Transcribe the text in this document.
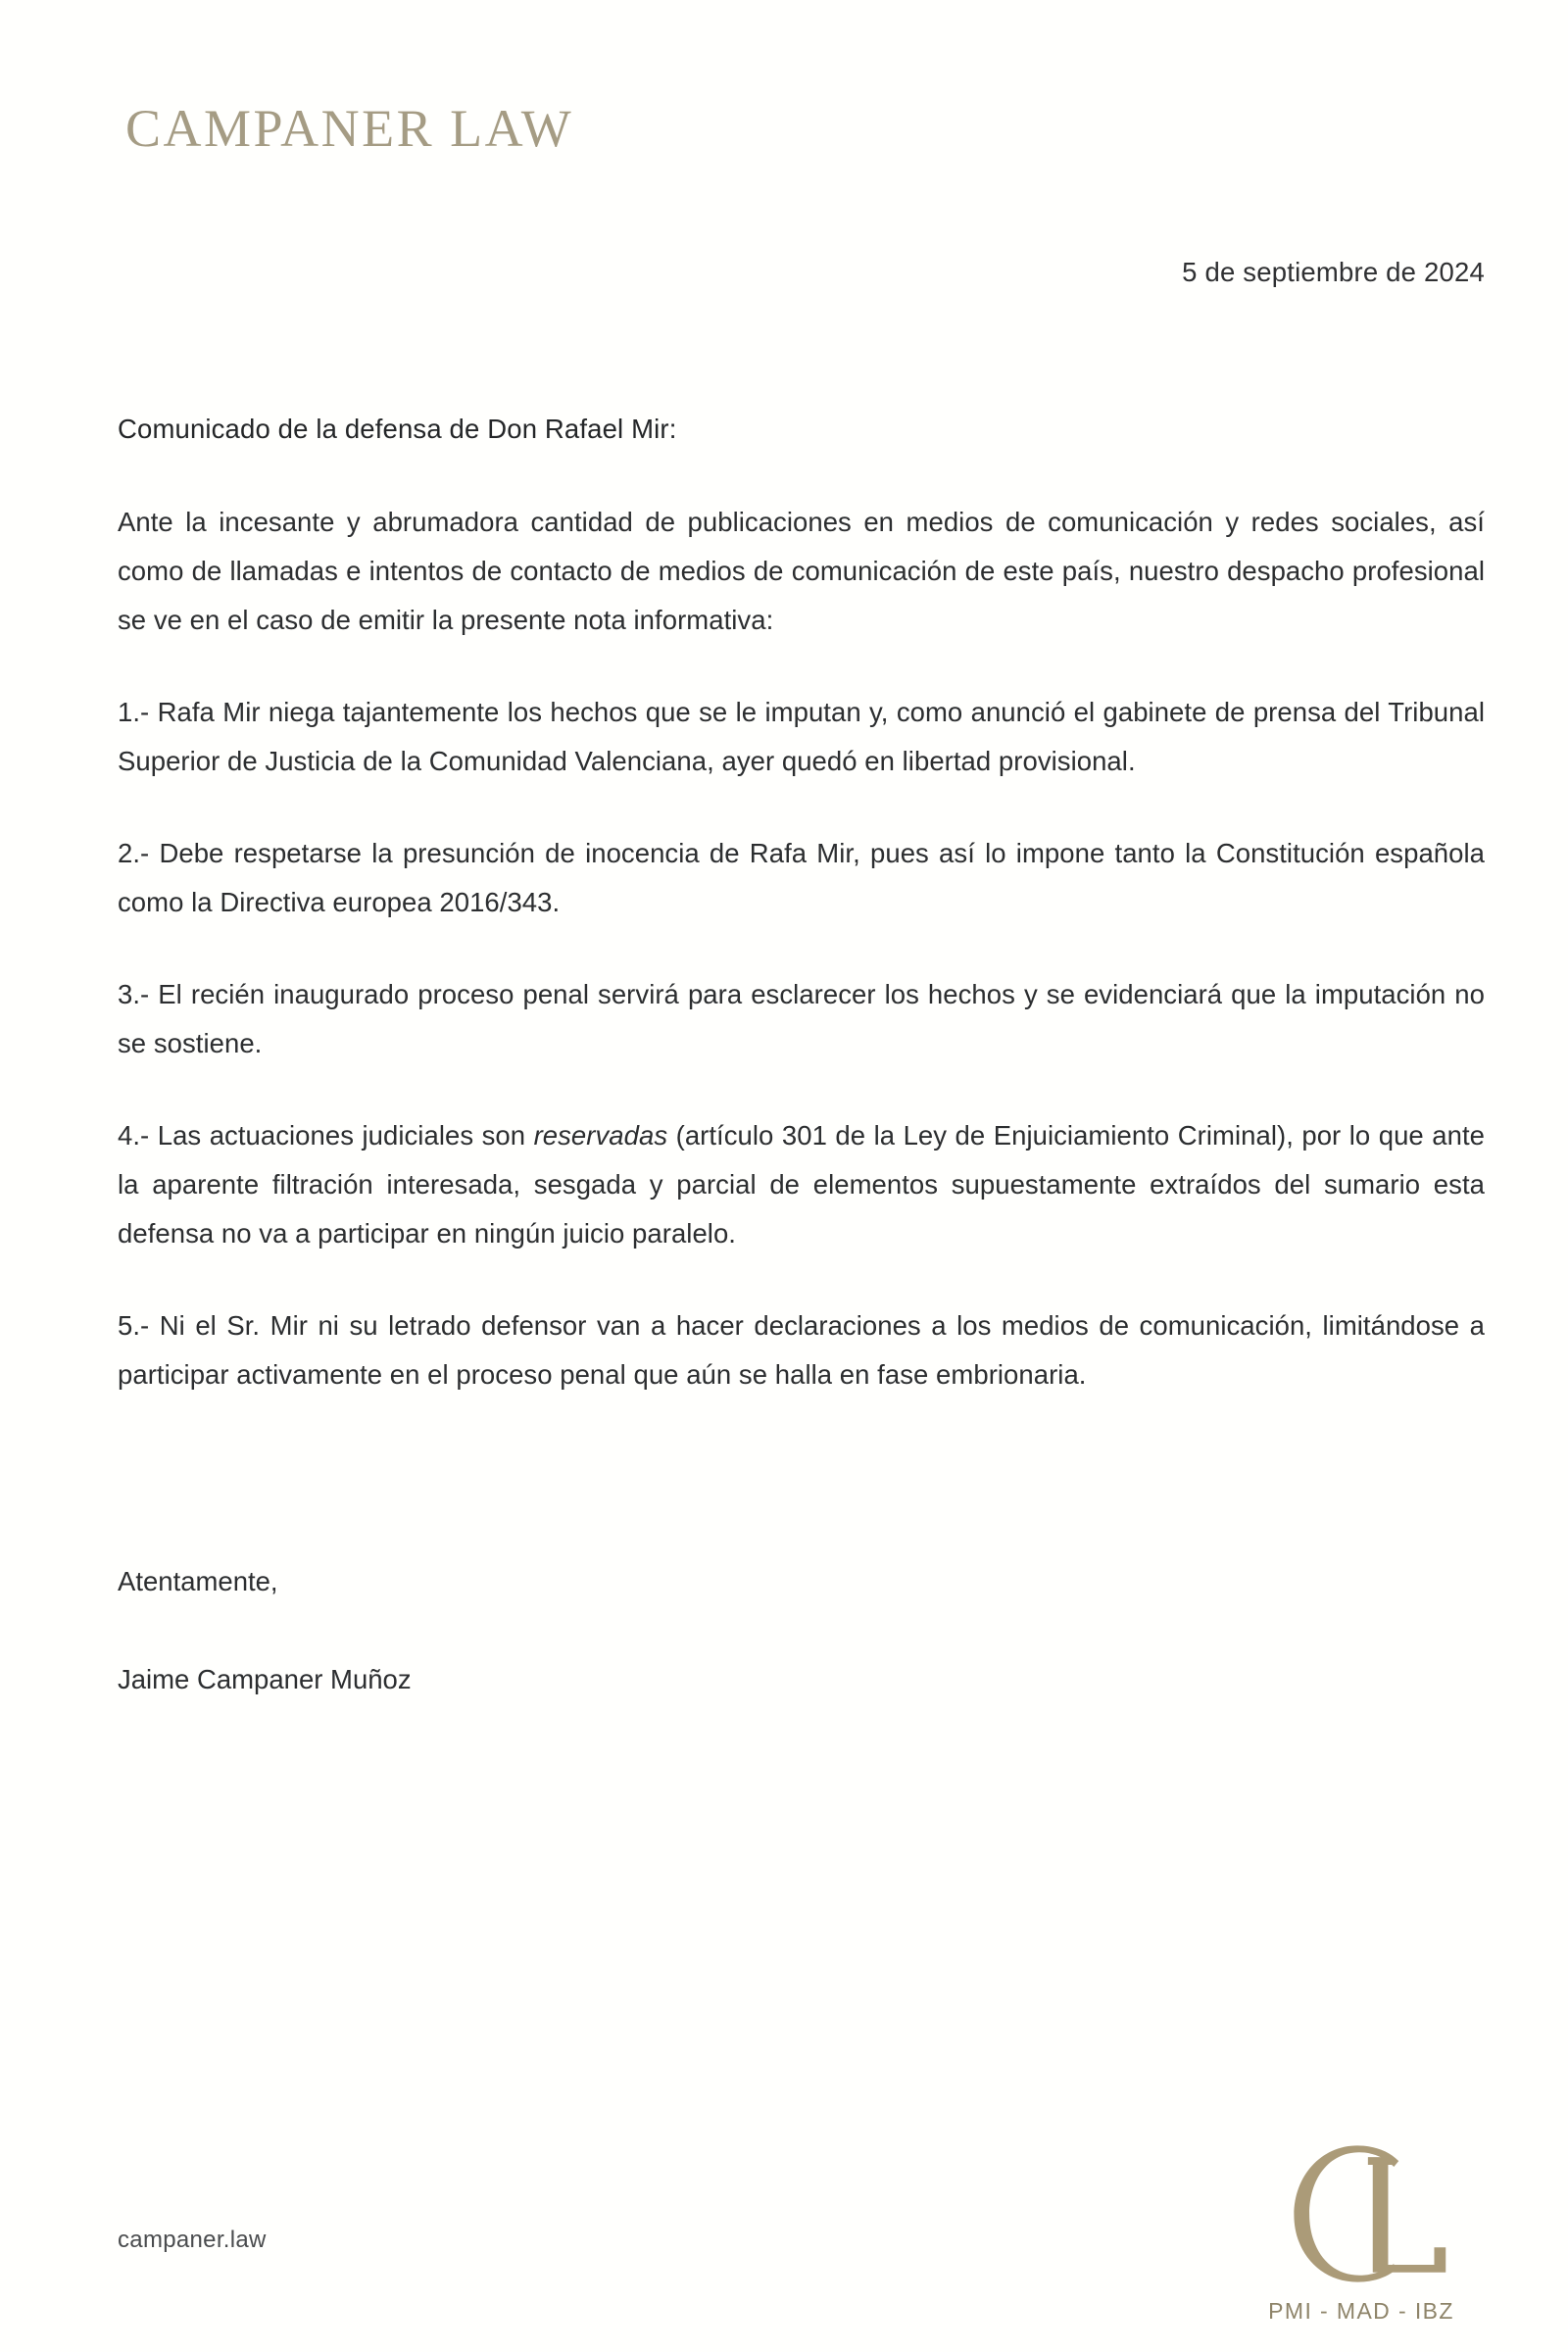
CAMPANER LAW
5 de septiembre de 2024

Comunicado de la defensa de Don Rafael Mir:

Ante la incesante y abrumadora cantidad de publicaciones en medios de comunicación y redes sociales, así como de llamadas e intentos de contacto de medios de comunicación de este país, nuestro despacho profesional se ve en el caso de emitir la presente nota informativa:

1.- Rafa Mir niega tajantemente los hechos que se le imputan y, como anunció el gabinete de prensa del Tribunal Superior de Justicia de la Comunidad Valenciana, ayer quedó en libertad provisional.

2.- Debe respetarse la presunción de inocencia de Rafa Mir, pues así lo impone tanto la Constitución española como la Directiva europea 2016/343.

3.- El recién inaugurado proceso penal servirá para esclarecer los hechos y se evidenciará que la imputación no se sostiene.

4.- Las actuaciones judiciales son reservadas (artículo 301 de la Ley de Enjuiciamiento Criminal), por lo que ante la aparente filtración interesada, sesgada y parcial de elementos supuestamente extraídos del sumario esta defensa no va a participar en ningún juicio paralelo.

5.- Ni el Sr. Mir ni su letrado defensor van a hacer declaraciones a los medios de comunicación, limitándose a participar activamente en el proceso penal que aún se halla en fase embrionaria.

Atentamente,

Jaime Campaner Muñoz

campaner.law
PMI - MAD - IBZ
